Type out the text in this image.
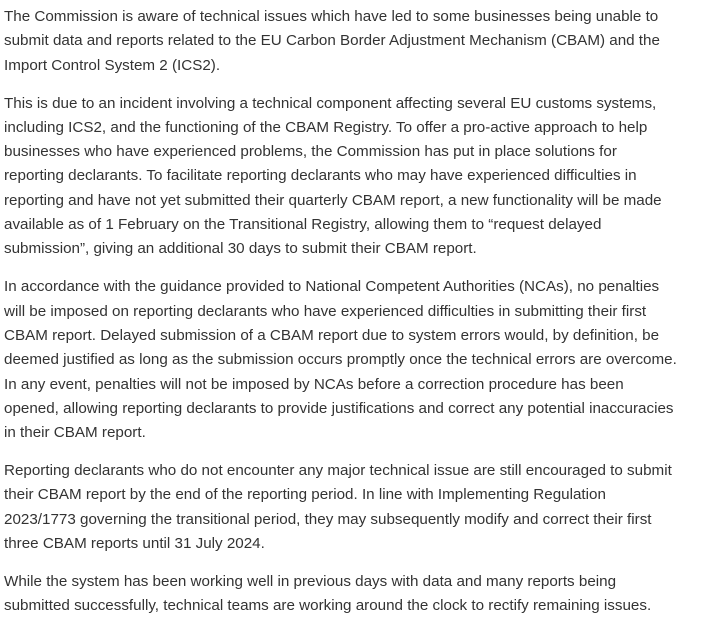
The Commission is aware of technical issues which have led to some businesses being unable to
submit data and reports related to the EU Carbon Border Adjustment Mechanism (CBAM) and the
Import Control System 2 (ICS2).

This is due to an incident involving a technical component affecting several EU customs systems,
including ICS2, and the functioning of the CBAM Registry. To offer a pro-active approach to help
businesses who have experienced problems, the Commission has put in place solutions for
reporting declarants. To facilitate reporting declarants who may have experienced difficulties in
reporting and have not yet submitted their quarterly CBAM report, a new functionality will be made
available as of 1 February on the Transitional Registry, allowing them to “request delayed
submission”, giving an additional 30 days to submit their CBAM report.

In accordance with the guidance provided to National Competent Authorities (NCAs), no penalties
will be imposed on reporting declarants who have experienced difficulties in submitting their first
CBAM report. Delayed submission of a CBAM report due to system errors would, by definition, be
deemed justified as long as the submission occurs promptly once the technical errors are overcome.
In any event, penalties will not be imposed by NCAs before a correction procedure has been
opened, allowing reporting declarants to provide justifications and correct any potential inaccuracies
in their CBAM report.

Reporting declarants who do not encounter any major technical issue are still encouraged to submit
their CBAM report by the end of the reporting period. In line with Implementing Regulation
2023/1773 governing the transitional period, they may subsequently modify and correct their first
three CBAM reports until 31 July 2024.

While the system has been working well in previous days with data and many reports being
submitted successfully, technical teams are working around the clock to rectify remaining issues.
